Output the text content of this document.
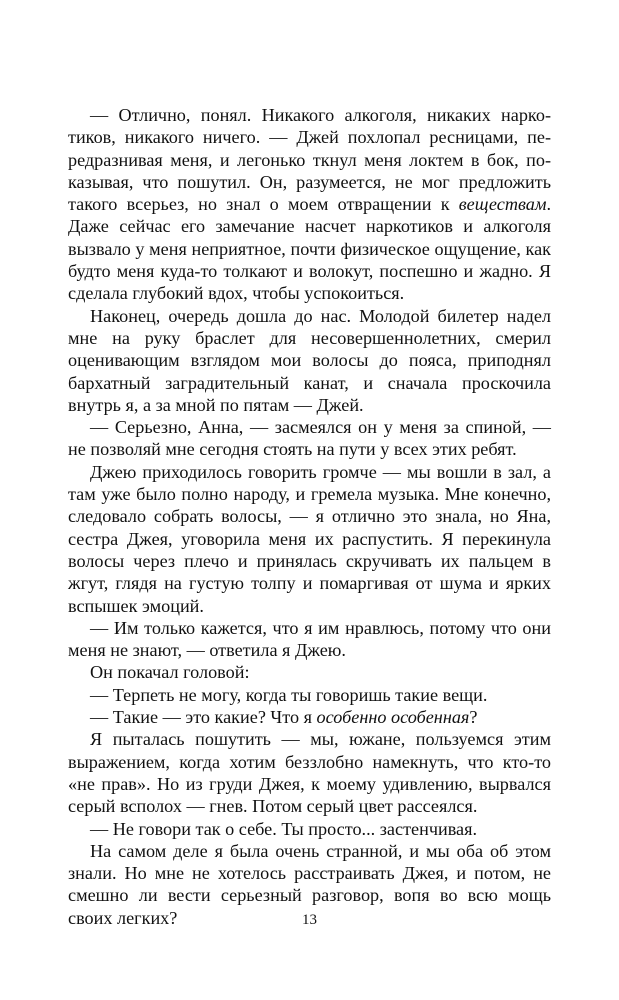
— Отлично, понял. Никакого алкоголя, никаких наркотиков, никакого ничего. — Джей похлопал ресницами, передразнивая меня, и легонько ткнул меня локтем в бок, показывая, что пошутил. Он, разумеется, не мог предложить такого всерьез, но знал о моем отвращении к веществам. Даже сейчас его замечание насчет наркотиков и алкоголя вызвало у меня неприятное, почти физическое ощущение, как будто меня куда-то толкают и волокут, поспешно и жадно. Я сделала глубокий вдох, чтобы успокоиться.

Наконец, очередь дошла до нас. Молодой билетер надел мне на руку браслет для несовершеннолетних, смерил оценивающим взглядом мои волосы до пояса, приподнял бархатный заградительный канат, и сначала проскочила внутрь я, а за мной по пятам — Джей.

— Серьезно, Анна, — засмеялся он у меня за спиной, — не позволяй мне сегодня стоять на пути у всех этих ребят.

Джею приходилось говорить громче — мы вошли в зал, а там уже было полно народу, и гремела музыка. Мне конечно, следовало собрать волосы, — я отлично это знала, но Яна, сестра Джея, уговорила меня их распустить. Я перекинула волосы через плечо и принялась скручивать их пальцем в жгут, глядя на густую толпу и помаргивая от шума и ярких вспышек эмоций.

— Им только кажется, что я им нравлюсь, потому что они меня не знают, — ответила я Джею.

Он покачал головой:

— Терпеть не могу, когда ты говоришь такие вещи.

— Такие — это какие? Что я особенно особенная?

Я пыталась пошутить — мы, южане, пользуемся этим выражением, когда хотим беззлобно намекнуть, что кто-то «не прав». Но из груди Джея, к моему удивлению, вырвался серый всполох — гнев. Потом серый цвет рассеялся.

— Не говори так о себе. Ты просто... застенчивая.

На самом деле я была очень странной, и мы оба об этом знали. Но мне не хотелось расстраивать Джея, и потом, не смешно ли вести серьезный разговор, вопя во всю мощь своих легких?	13
